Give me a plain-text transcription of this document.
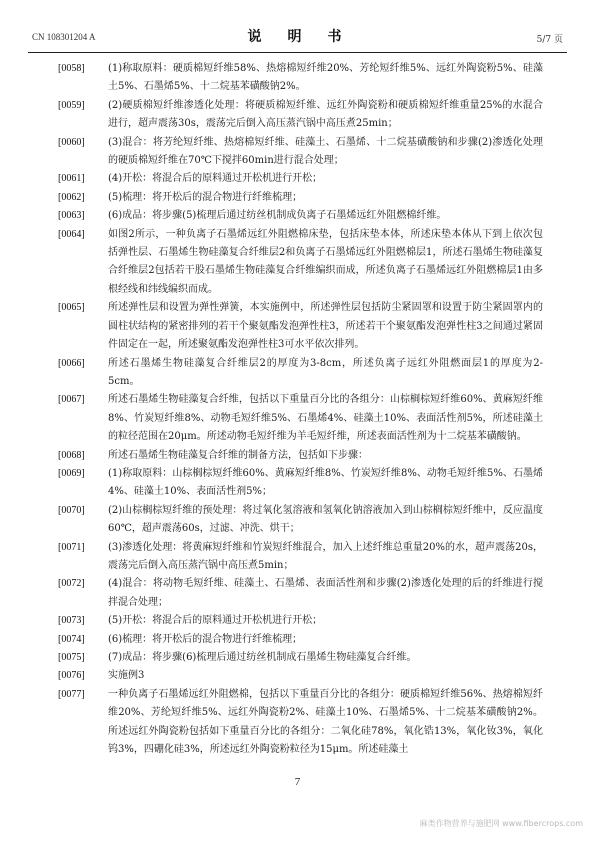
CN 108301204 A	说　明　书	5/7 页

[0058]	(1)称取原料：硬质棉短纤维58%、热熔棉短纤维20%、芳纶短纤维5%、远红外陶瓷粉5%、硅藻土5%、石墨烯5%、十二烷基苯磺酸钠2%。

[0059]	(2)硬质棉短纤维渗透化处理：将硬质棉短纤维、远红外陶瓷粉和硬质棉短纤维重量25%的水混合进行，超声震荡30s，震荡完后倒入高压蒸汽锅中高压煮25min；

[0060]	(3)混合：将芳纶短纤维、热熔棉短纤维、硅藻土、石墨烯、十二烷基磺酸钠和步骤(2)渗透化处理的硬质棉短纤维在70℃下搅拌60min进行混合处理；

[0061]	(4)开松：将混合后的原料通过开松机进行开松；

[0062]	(5)梳理：将开松后的混合物进行纤维梳理；

[0063]	(6)成品：将步骤(5)梳理后通过纺丝机制成负离子石墨烯远红外阻燃棉纤维。

[0064]	如图2所示，一种负离子石墨烯远红外阻燃棉床垫，包括床垫本体，所述床垫本体从下到上依次包括弹性层、石墨烯生物硅藻复合纤维层2和负离子石墨烯远红外阻燃棉层1，所述石墨烯生物硅藻复合纤维层2包括若干股石墨烯生物硅藻复合纤维编织而成，所述负离子石墨烯远红外阻燃棉层1由多根经线和纬线编织而成。

[0065]	所述弹性层和设置为弹性弹簧，本实施例中，所述弹性层包括防尘紧固罩和设置于防尘紧固罩内的圆柱状结构的紧密排列的若干个聚氨酯发泡弹性柱3，所述若干个聚氨酯发泡弹性柱3之间通过紧固件固定在一起，所述聚氨酯发泡弹性柱3可水平依次排列。

[0066]	所述石墨烯生物硅藻复合纤维层2的厚度为3-8cm，所述负离子远红外阻燃面层1的厚度为2-5cm。

[0067]	所述石墨烯生物硅藻复合纤维，包括以下重量百分比的各组分：山棕榈棕短纤维60%、黄麻短纤维8%、竹炭短纤维8%、动物毛短纤维5%、石墨烯4%、硅藻土10%、表面活性剂5%，所述硅藻土的粒径范围在20μm。所述动物毛短纤维为羊毛短纤维，所述表面活性剂为十二烷基苯磺酸钠。

[0068]	所述石墨烯生物硅藻复合纤维的制备方法，包括如下步骤：

[0069]	(1)称取原料：山棕榈棕短纤维60%、黄麻短纤维8%、竹炭短纤维8%、动物毛短纤维5%、石墨烯4%、硅藻土10%、表面活性剂5%；

[0070]	(2)山棕榈棕短纤维的预处理：将过氧化氢溶液和氢氧化钠溶液加入到山棕榈棕短纤维中，反应温度60℃，超声震荡60s，过滤、冲洗、烘干；

[0071]	(3)渗透化处理：将黄麻短纤维和竹炭短纤维混合，加入上述纤维总重量20%的水，超声震荡20s，震荡完后倒入高压蒸汽锅中高压煮5min；

[0072]	(4)混合：将动物毛短纤维、硅藻土、石墨烯、表面活性剂和步骤(2)渗透化处理的后的纤维进行搅拌混合处理；

[0073]	(5)开松：将混合后的原料通过开松机进行开松；

[0074]	(6)梳理：将开松后的混合物进行纤维梳理；

[0075]	(7)成品：将步骤(6)梳理后通过纺丝机制成石墨烯生物硅藻复合纤维。

[0076]	实施例3

[0077]	一种负离子石墨烯远红外阻燃棉，包括以下重量百分比的各组分：硬质棉短纤维56%、热熔棉短纤维20%、芳纶短纤维5%、远红外陶瓷粉2%、硅藻土10%、石墨烯5%、十二烷基苯磺酸钠2%。所述远红外陶瓷粉包括如下重量百分比的各组分：二氧化硅78%，氧化锆13%，氧化钕3%，氧化钨3%，四硼化硅3%，所述远红外陶瓷粉粒径为15μm。所述硅藻土

7
麻类作物营养与施肥网 www.fibercrops.com
